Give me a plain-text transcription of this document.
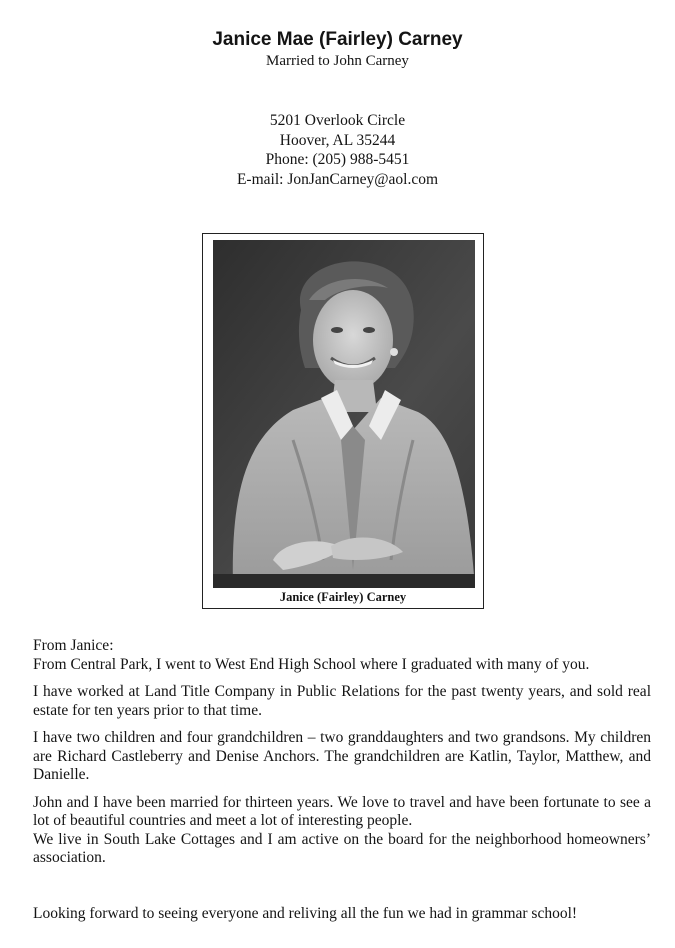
Janice Mae (Fairley) Carney
Married to John Carney
5201 Overlook Circle
Hoover, AL 35244
Phone: (205) 988-5451
E-mail: JonJanCarney@aol.com
Janice (Fairley) Carney

From Janice:

From Central Park, I went to West End High School where I graduated with many of you.

I have worked at Land Title Company in Public Relations for the past twenty years, and sold real estate for ten years prior to that time.

I have two children and four grandchildren – two granddaughters and two grandsons. My children are Richard Castleberry and Denise Anchors. The grandchildren are Katlin, Taylor, Matthew, and Danielle.

John and I have been married for thirteen years. We love to travel and have been fortunate to see a lot of beautiful countries and meet a lot of interesting people.

We live in South Lake Cottages and I am active on the board for the neighborhood homeowners’ association.

Looking forward to seeing everyone and reliving all the fun we had in grammar school!
